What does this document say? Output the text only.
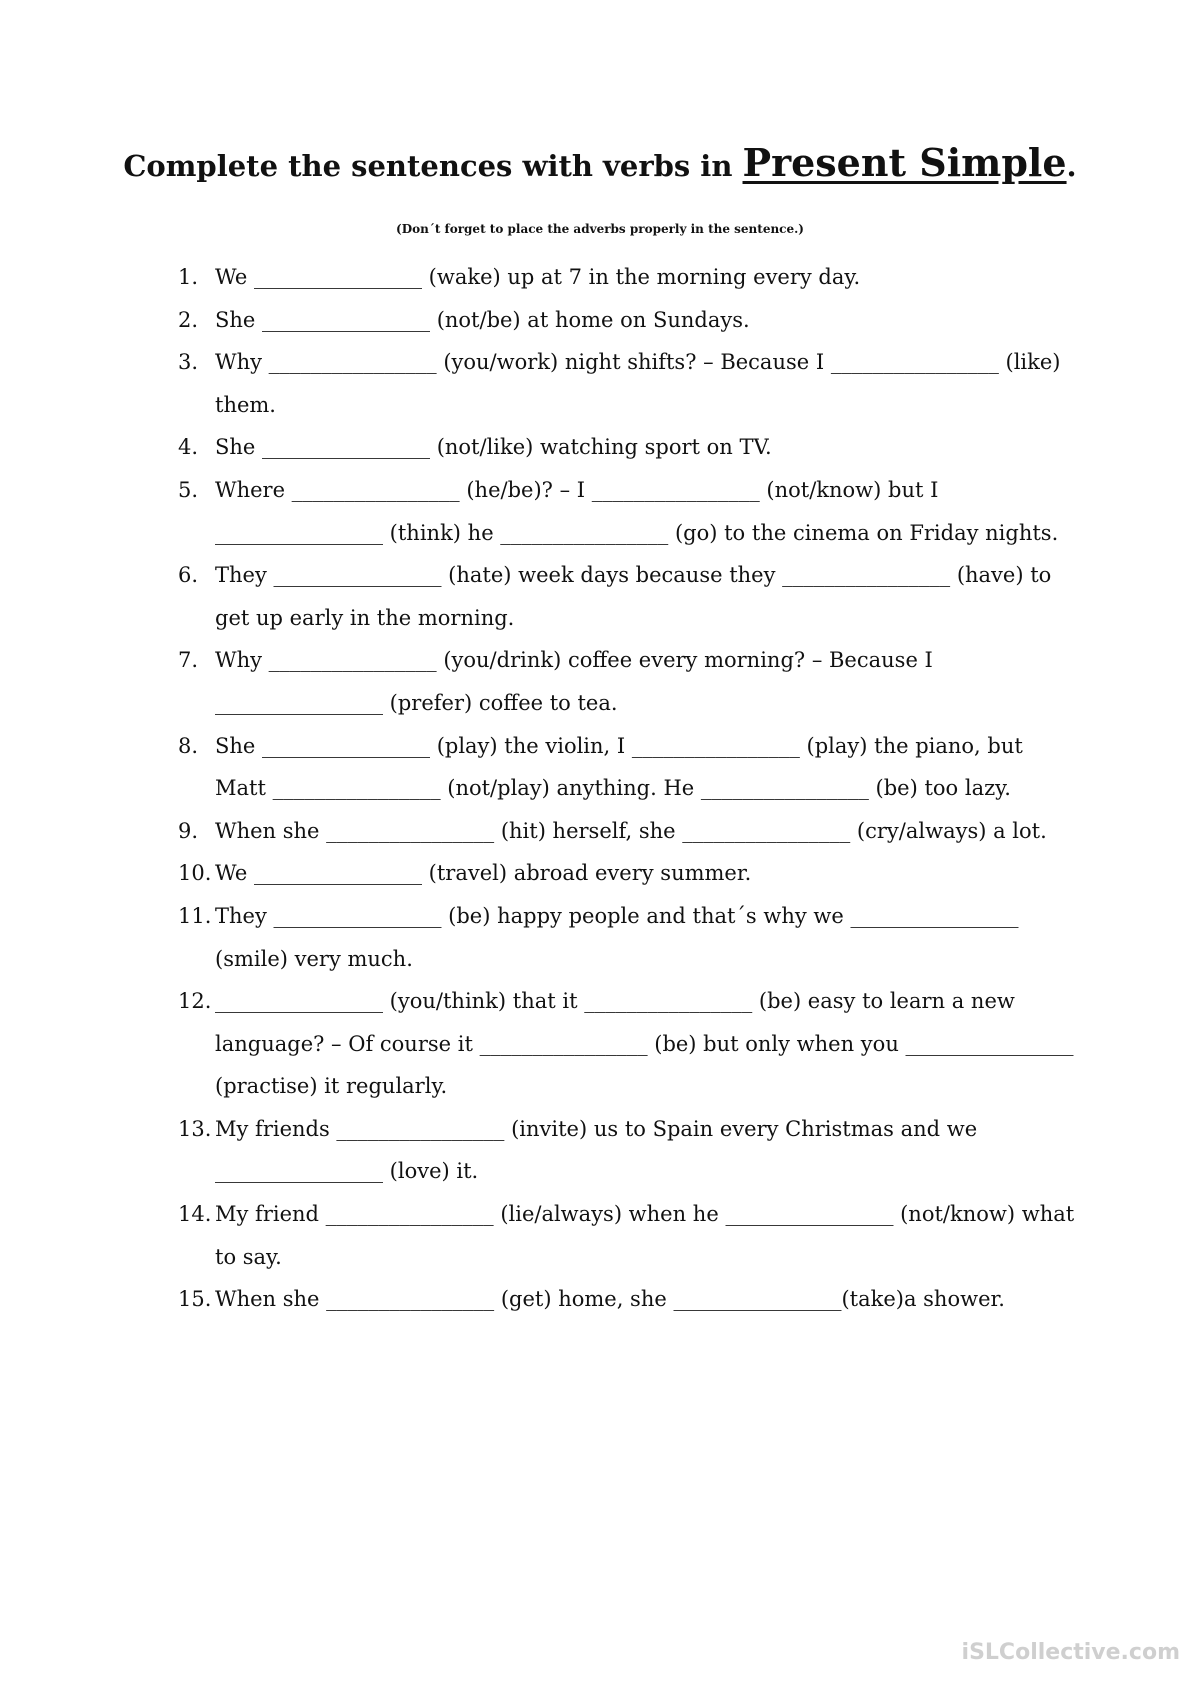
Complete the sentences with verbs in Present Simple.
(Don´t forget to place the adverbs properly in the sentence.)
1. We ________________ (wake) up at 7 in the morning every day.
2. She ________________ (not/be) at home on Sundays.
3. Why ________________ (you/work) night shifts? – Because I ________________ (like) them.
4. She ________________ (not/like) watching sport on TV.
5. Where ________________ (he/be)? – I ________________ (not/know) but I ________________ (think) he ________________ (go) to the cinema on Friday nights.
6. They ________________ (hate) week days because they ________________ (have) to get up early in the morning.
7. Why ________________ (you/drink) coffee every morning? – Because I ________________ (prefer) coffee to tea.
8. She ________________ (play) the violin, I ________________ (play) the piano, but Matt ________________ (not/play) anything. He ________________ (be) too lazy.
9. When she ________________ (hit) herself, she ________________ (cry/always) a lot.
10. We ________________ (travel) abroad every summer.
11. They ________________ (be) happy people and that´s why we ________________ (smile) very much.
12. ________________ (you/think) that it ________________ (be) easy to learn a new language? – Of course it ________________ (be) but only when you ________________ (practise) it regularly.
13. My friends ________________ (invite) us to Spain every Christmas and we ________________ (love) it.
14. My friend ________________ (lie/always) when he ________________ (not/know) what to say.
15. When she ________________ (get) home, she ________________(take)a shower.
iSLCollective.com
